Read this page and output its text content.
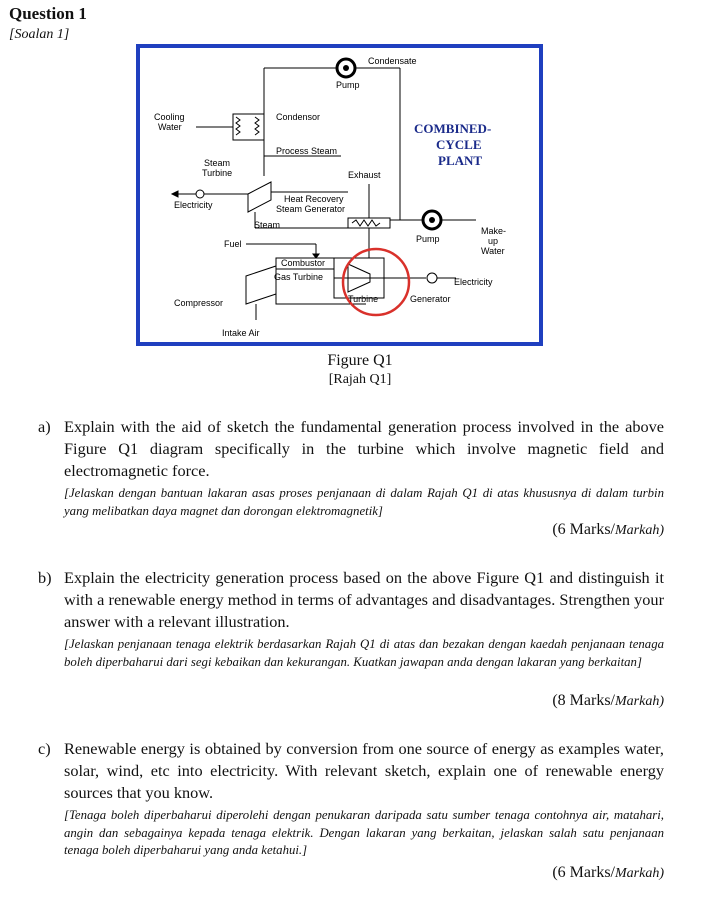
Question 1
[Soalan 1]
Condensate
Pump
Cooling
Water
Condensor
Process Steam
Steam
Turbine	Exhaust
Electricity
Heat Recovery
Steam Generator
Steam
Pump
Make-
up
Water
Fuel
Combustor
Gas Turbine	Electricity
Compressor	Turbine	Generator
Intake Air
COMBINED-
CYCLE
PLANT
Figure Q1
[Rajah Q1]
a) Explain with the aid of sketch the fundamental generation process involved in the above Figure Q1 diagram specifically in the turbine which involve magnetic field and electromagnetic force.
[Jelaskan dengan bantuan lakaran asas proses penjanaan di dalam Rajah Q1 di atas khususnya di dalam turbin yang melibatkan daya magnet dan dorongan elektromagnetik]
(6 Marks/Markah)
b) Explain the electricity generation process based on the above Figure Q1 and distinguish it with a renewable energy method in terms of advantages and disadvantages. Strengthen your answer with a relevant illustration.
[Jelaskan penjanaan tenaga elektrik berdasarkan Rajah Q1 di atas dan bezakan dengan kaedah penjanaan tenaga boleh diperbaharui dari segi kebaikan dan kekurangan. Kuatkan jawapan anda dengan lakaran yang berkaitan]
(8 Marks/Markah)
c) Renewable energy is obtained by conversion from one source of energy as examples water, solar, wind, etc into electricity. With relevant sketch, explain one of renewable energy sources that you know.
[Tenaga boleh diperbaharui diperolehi dengan penukaran daripada satu sumber tenaga contohnya air, matahari, angin dan sebagainya kepada tenaga elektrik. Dengan lakaran yang berkaitan, jelaskan salah satu penjanaan tenaga boleh diperbaharui yang anda ketahui.]
(6 Marks/Markah)
